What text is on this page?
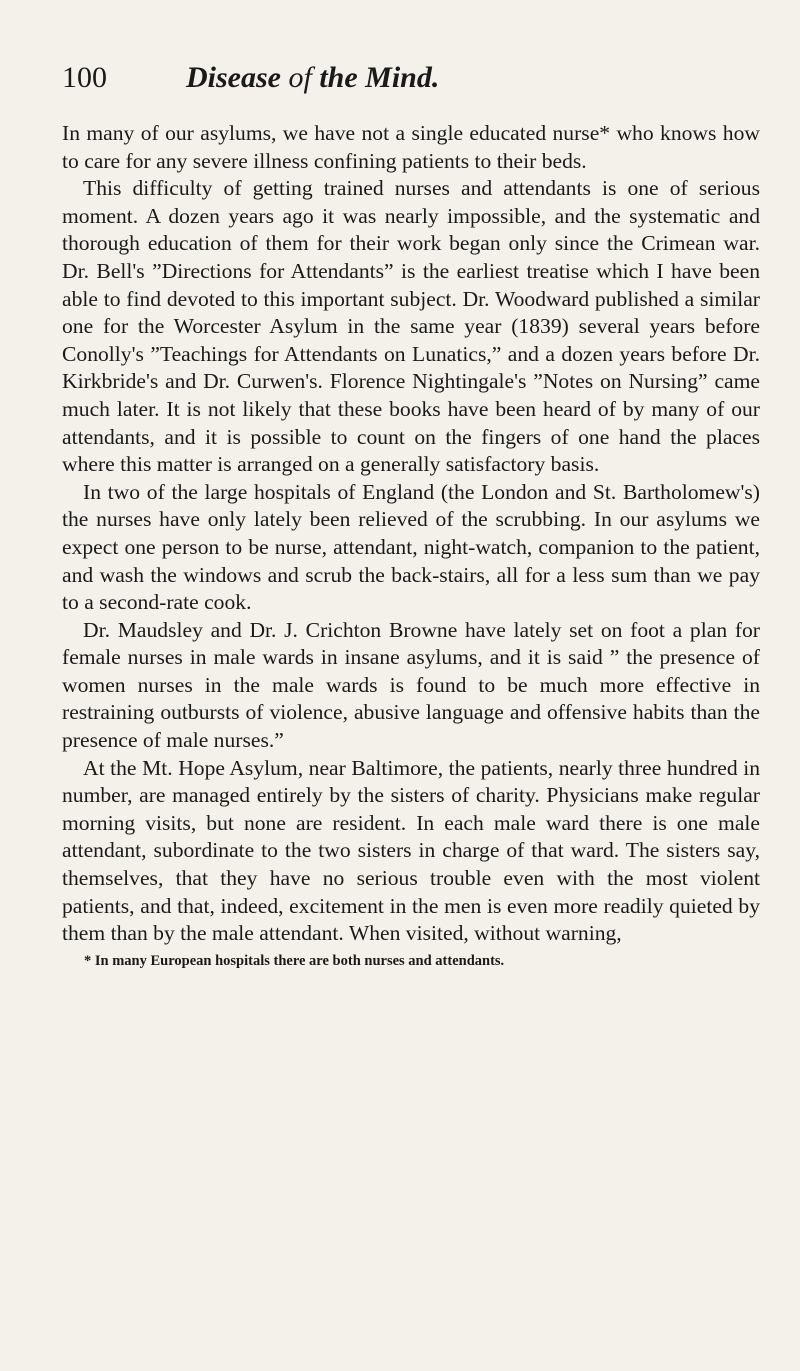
100	Disease of the Mind.

In many of our asylums, we have not a single educated nurse* who knows how to care for any severe illness confining patients to their beds.

This difficulty of getting trained nurses and attendants is one of serious moment. A dozen years ago it was nearly impossible, and the systematic and thorough education of them for their work began only since the Crimean war. Dr. Bell's ”Directions for Attendants” is the earliest treatise which I have been able to find devoted to this important subject. Dr. Woodward published a similar one for the Worcester Asylum in the same year (1839) several years before Conolly's ”Teachings for Attendants on Lunatics,” and a dozen years before Dr. Kirkbride's and Dr. Curwen's. Florence Nightingale's ”Notes on Nursing” came much later. It is not likely that these books have been heard of by many of our attendants, and it is possible to count on the fingers of one hand the places where this matter is arranged on a generally satisfactory basis.

In two of the large hospitals of England (the London and St. Bartholomew's) the nurses have only lately been relieved of the scrubbing. In our asylums we expect one person to be nurse, attendant, night-watch, companion to the patient, and wash the windows and scrub the back-stairs, all for a less sum than we pay to a second-rate cook.

Dr. Maudsley and Dr. J. Crichton Browne have lately set on foot a plan for female nurses in male wards in insane asylums, and it is said ” the presence of women nurses in the male wards is found to be much more effective in restraining outbursts of violence, abusive language and offensive habits than the presence of male nurses.”

At the Mt. Hope Asylum, near Baltimore, the patients, nearly three hundred in number, are managed entirely by the sisters of charity. Physicians make regular morning visits, but none are resident. In each male ward there is one male attendant, subordinate to the two sisters in charge of that ward. The sisters say, themselves, that they have no serious trouble even with the most violent patients, and that, indeed, excitement in the men is even more readily quieted by them than by the male attendant. When visited, without warning,

* In many European hospitals there are both nurses and attendants.
